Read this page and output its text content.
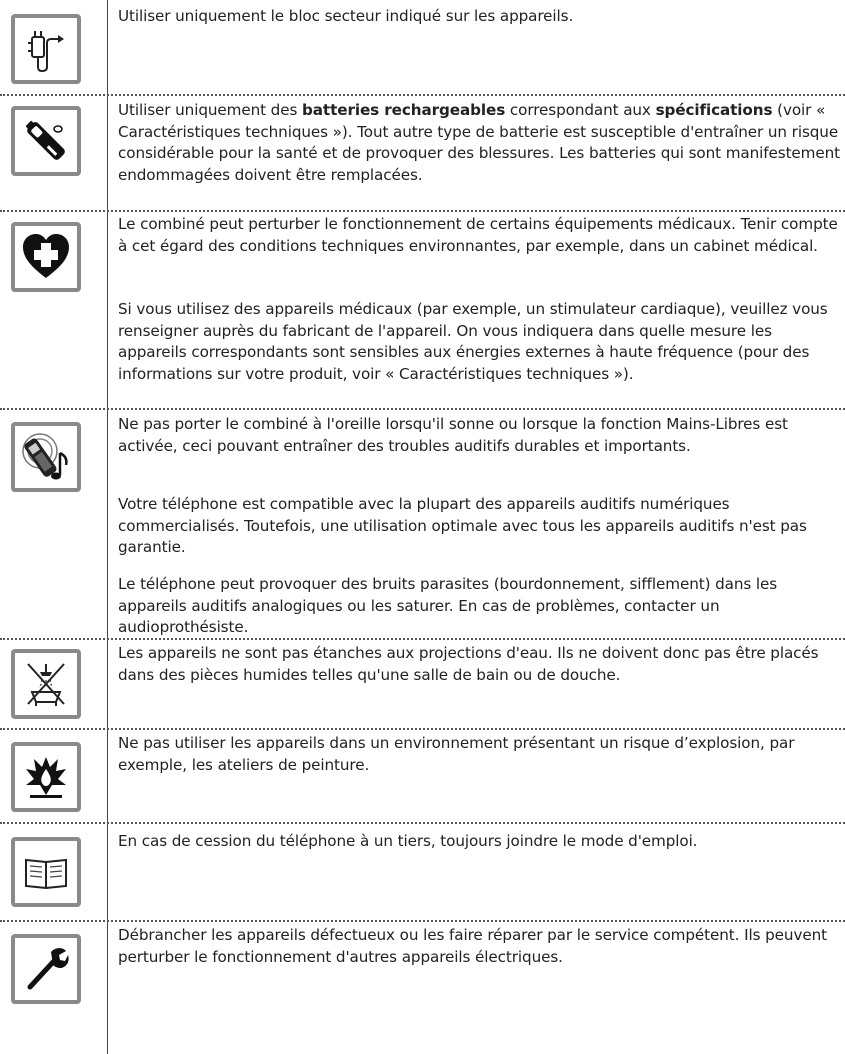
Utiliser uniquement le bloc secteur indiqué sur les appareils.

Utiliser uniquement des batteries rechargeables correspondant aux spécifications (voir « Caractéristiques techniques »). Tout autre type de batterie est susceptible d'entraîner un risque considérable pour la santé et de provoquer des blessures. Les batteries qui sont manifestement endommagées doivent être remplacées.

Le combiné peut perturber le fonctionnement de certains équipements médicaux. Tenir compte à cet égard des conditions techniques environnantes, par exemple, dans un cabinet médical.

Si vous utilisez des appareils médicaux (par exemple, un stimulateur cardiaque), veuillez vous renseigner auprès du fabricant de l'appareil. On vous indiquera dans quelle mesure les appareils correspondants sont sensibles aux énergies externes à haute fréquence (pour des informations sur votre produit, voir « Caractéristiques techniques »).

Ne pas porter le combiné à l'oreille lorsqu'il sonne ou lorsque la fonction Mains-Libres est activée, ceci pouvant entraîner des troubles auditifs durables et importants.

Votre téléphone est compatible avec la plupart des appareils auditifs numériques commercialisés. Toutefois, une utilisation optimale avec tous les appareils auditifs n'est pas garantie.

Le téléphone peut provoquer des bruits parasites (bourdonnement, sifflement) dans les appareils auditifs analogiques ou les saturer. En cas de problèmes, contacter un audioprothésiste.

Les appareils ne sont pas étanches aux projections d'eau. Ils ne doivent donc pas être placés dans des pièces humides telles qu'une salle de bain ou de douche.

Ne pas utiliser les appareils dans un environnement présentant un risque d’explosion, par exemple, les ateliers de peinture.

En cas de cession du téléphone à un tiers, toujours joindre le mode d'emploi.

Débrancher les appareils défectueux ou les faire réparer par le service compétent. Ils peuvent perturber le fonctionnement d'autres appareils électriques.
